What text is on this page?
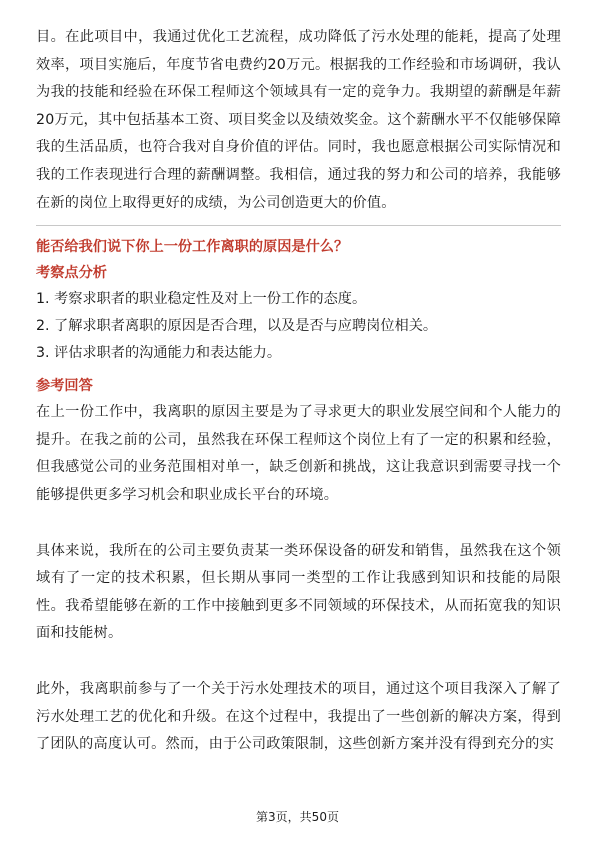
目。在此项目中，我通过优化工艺流程，成功降低了污水处理的能耗，提高了处理效率，项目实施后，年度节省电费约20万元。根据我的工作经验和市场调研，我认为我的技能和经验在环保工程师这个领域具有一定的竞争力。我期望的薪酬是年薪20万元，其中包括基本工资、项目奖金以及绩效奖金。这个薪酬水平不仅能够保障我的生活品质，也符合我对自身价值的评估。同时，我也愿意根据公司实际情况和我的工作表现进行合理的薪酬调整。我相信，通过我的努力和公司的培养，我能够在新的岗位上取得更好的成绩，为公司创造更大的价值。

能否给我们说下你上一份工作离职的原因是什么？

考察点分析

1. 考察求职者的职业稳定性及对上一份工作的态度。
2. 了解求职者离职的原因是否合理，以及是否与应聘岗位相关。
3. 评估求职者的沟通能力和表达能力。

参考回答

在上一份工作中，我离职的原因主要是为了寻求更大的职业发展空间和个人能力的提升。在我之前的公司，虽然我在环保工程师这个岗位上有了一定的积累和经验，但我感觉公司的业务范围相对单一，缺乏创新和挑战，这让我意识到需要寻找一个能够提供更多学习机会和职业成长平台的环境。

具体来说，我所在的公司主要负责某一类环保设备的研发和销售，虽然我在这个领域有了一定的技术积累，但长期从事同一类型的工作让我感到知识和技能的局限性。我希望能够在新的工作中接触到更多不同领域的环保技术，从而拓宽我的知识面和技能树。

此外，我离职前参与了一个关于污水处理技术的项目，通过这个项目我深入了解了污水处理工艺的优化和升级。在这个过程中，我提出了一些创新的解决方案，得到了团队的高度认可。然而，由于公司政策限制，这些创新方案并没有得到充分的实

第3页，共50页
